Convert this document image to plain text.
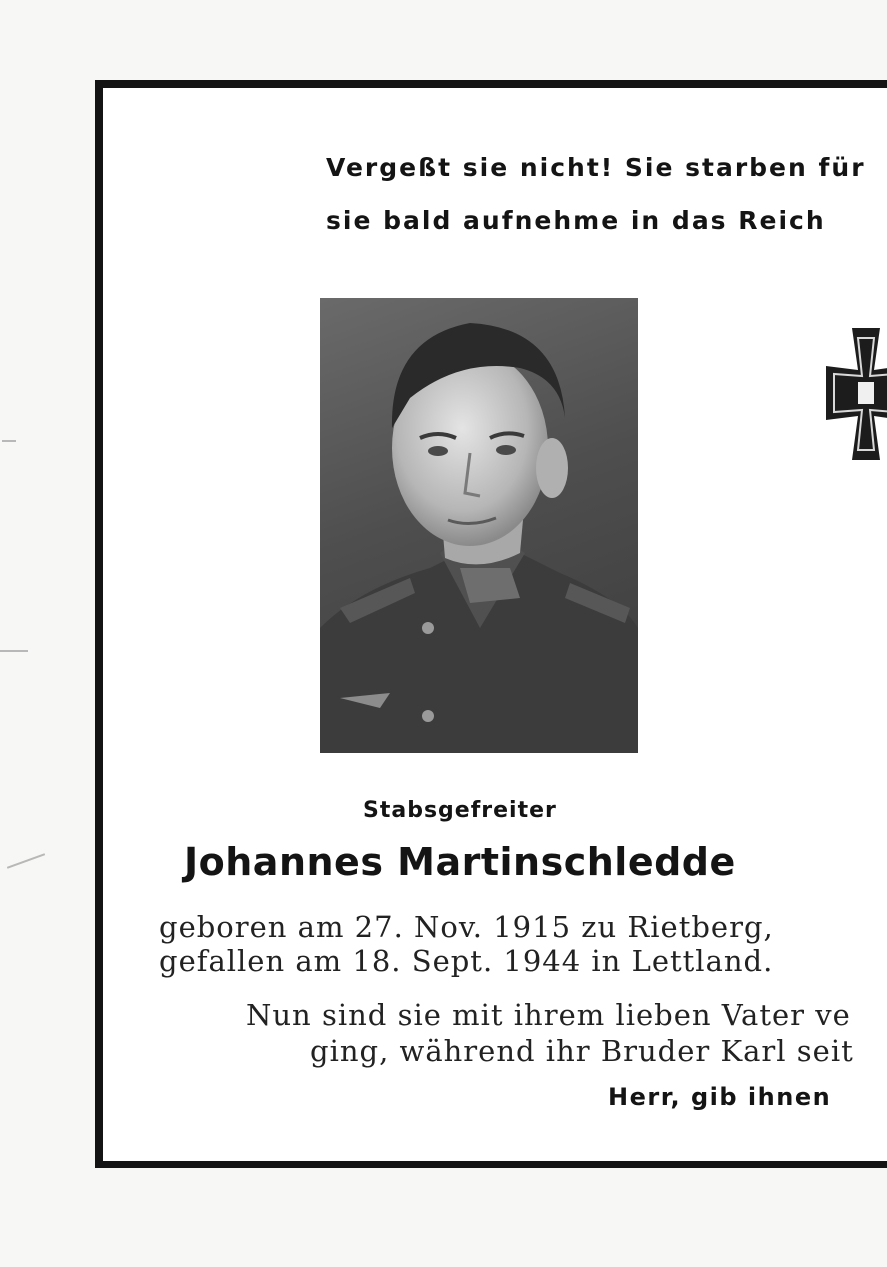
Vergeßt sie nicht! Sie starben für
sie bald aufnehme in das Reich
Stabsgefreiter
Johannes Martinschledde
geboren am 27. Nov. 1915 zu Rietberg,
gefallen am 18. Sept. 1944 in Lettland.
Nun sind sie mit ihrem lieben Vater ve
ging, während ihr Bruder Karl seit
Herr, gib ihnen
